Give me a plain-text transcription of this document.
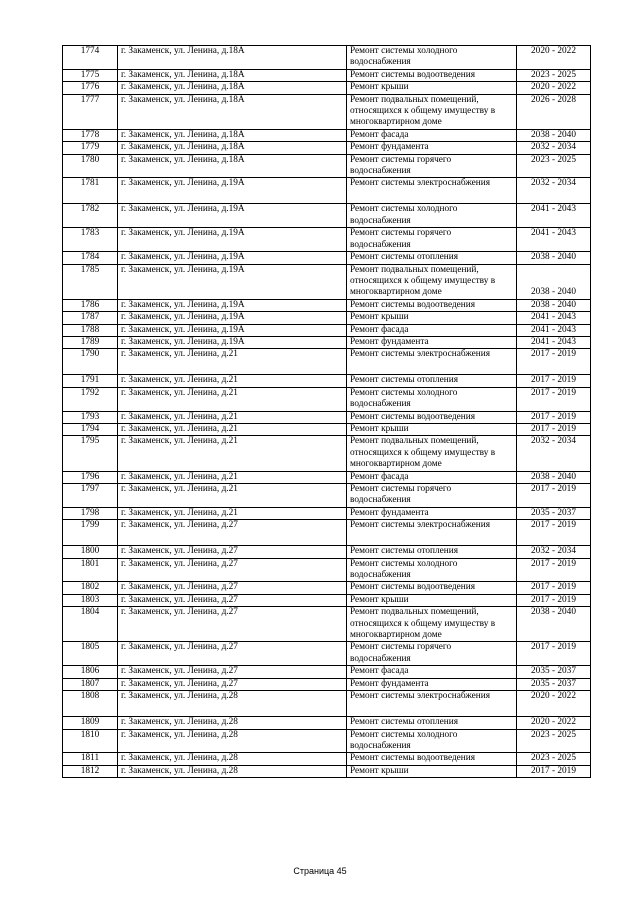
1774	г. Закаменск, ул. Ленина, д.18А	Ремонт системы холодного водоснабжения	2020 - 2022
1775	г. Закаменск, ул. Ленина, д.18А	Ремонт системы водоотведения	2023 - 2025
1776	г. Закаменск, ул. Ленина, д.18А	Ремонт крыши	2020 - 2022
1777	г. Закаменск, ул. Ленина, д.18А	Ремонт подвальных помещений, относящихся к общему имуществу в многоквартирном доме	2026 - 2028
1778	г. Закаменск, ул. Ленина, д.18А	Ремонт фасада	2038 - 2040
1779	г. Закаменск, ул. Ленина, д.18А	Ремонт фундамента	2032 - 2034
1780	г. Закаменск, ул. Ленина, д.18А	Ремонт системы горячего водоснабжения	2023 - 2025
1781	г. Закаменск, ул. Ленина, д.19А	Ремонт системы электроснабжения	2032 - 2034
1782	г. Закаменск, ул. Ленина, д.19А	Ремонт системы холодного водоснабжения	2041 - 2043
1783	г. Закаменск, ул. Ленина, д.19А	Ремонт системы горячего водоснабжения	2041 - 2043
1784	г. Закаменск, ул. Ленина, д.19А	Ремонт системы отопления	2038 - 2040
1785	г. Закаменск, ул. Ленина, д.19А	Ремонт подвальных помещений, относящихся к общему имуществу в многоквартирном доме	2038 - 2040
1786	г. Закаменск, ул. Ленина, д.19А	Ремонт системы водоотведения	2038 - 2040
1787	г. Закаменск, ул. Ленина, д.19А	Ремонт крыши	2041 - 2043
1788	г. Закаменск, ул. Ленина, д.19А	Ремонт фасада	2041 - 2043
1789	г. Закаменск, ул. Ленина, д.19А	Ремонт фундамента	2041 - 2043
1790	г. Закаменск, ул. Ленина, д.21	Ремонт системы электроснабжения	2017 - 2019
1791	г. Закаменск, ул. Ленина, д.21	Ремонт системы отопления	2017 - 2019
1792	г. Закаменск, ул. Ленина, д.21	Ремонт системы холодного водоснабжения	2017 - 2019
1793	г. Закаменск, ул. Ленина, д.21	Ремонт системы водоотведения	2017 - 2019
1794	г. Закаменск, ул. Ленина, д.21	Ремонт крыши	2017 - 2019
1795	г. Закаменск, ул. Ленина, д.21	Ремонт подвальных помещений, относящихся к общему имуществу в многоквартирном доме	2032 - 2034
1796	г. Закаменск, ул. Ленина, д.21	Ремонт фасада	2038 - 2040
1797	г. Закаменск, ул. Ленина, д.21	Ремонт системы горячего водоснабжения	2017 - 2019
1798	г. Закаменск, ул. Ленина, д.21	Ремонт фундамента	2035 - 2037
1799	г. Закаменск, ул. Ленина, д.27	Ремонт системы электроснабжения	2017 - 2019
1800	г. Закаменск, ул. Ленина, д.27	Ремонт системы отопления	2032 - 2034
1801	г. Закаменск, ул. Ленина, д.27	Ремонт системы холодного водоснабжения	2017 - 2019
1802	г. Закаменск, ул. Ленина, д.27	Ремонт системы водоотведения	2017 - 2019
1803	г. Закаменск, ул. Ленина, д.27	Ремонт крыши	2017 - 2019
1804	г. Закаменск, ул. Ленина, д.27	Ремонт подвальных помещений, относящихся к общему имуществу в многоквартирном доме	2038 - 2040
1805	г. Закаменск, ул. Ленина, д.27	Ремонт системы горячего водоснабжения	2017 - 2019
1806	г. Закаменск, ул. Ленина, д.27	Ремонт фасада	2035 - 2037
1807	г. Закаменск, ул. Ленина, д.27	Ремонт фундамента	2035 - 2037
1808	г. Закаменск, ул. Ленина, д.28	Ремонт системы электроснабжения	2020 - 2022
1809	г. Закаменск, ул. Ленина, д.28	Ремонт системы отопления	2020 - 2022
1810	г. Закаменск, ул. Ленина, д.28	Ремонт системы холодного водоснабжения	2023 - 2025
1811	г. Закаменск, ул. Ленина, д.28	Ремонт системы водоотведения	2023 - 2025
1812	г. Закаменск, ул. Ленина, д.28	Ремонт крыши	2017 - 2019
Страница 45
